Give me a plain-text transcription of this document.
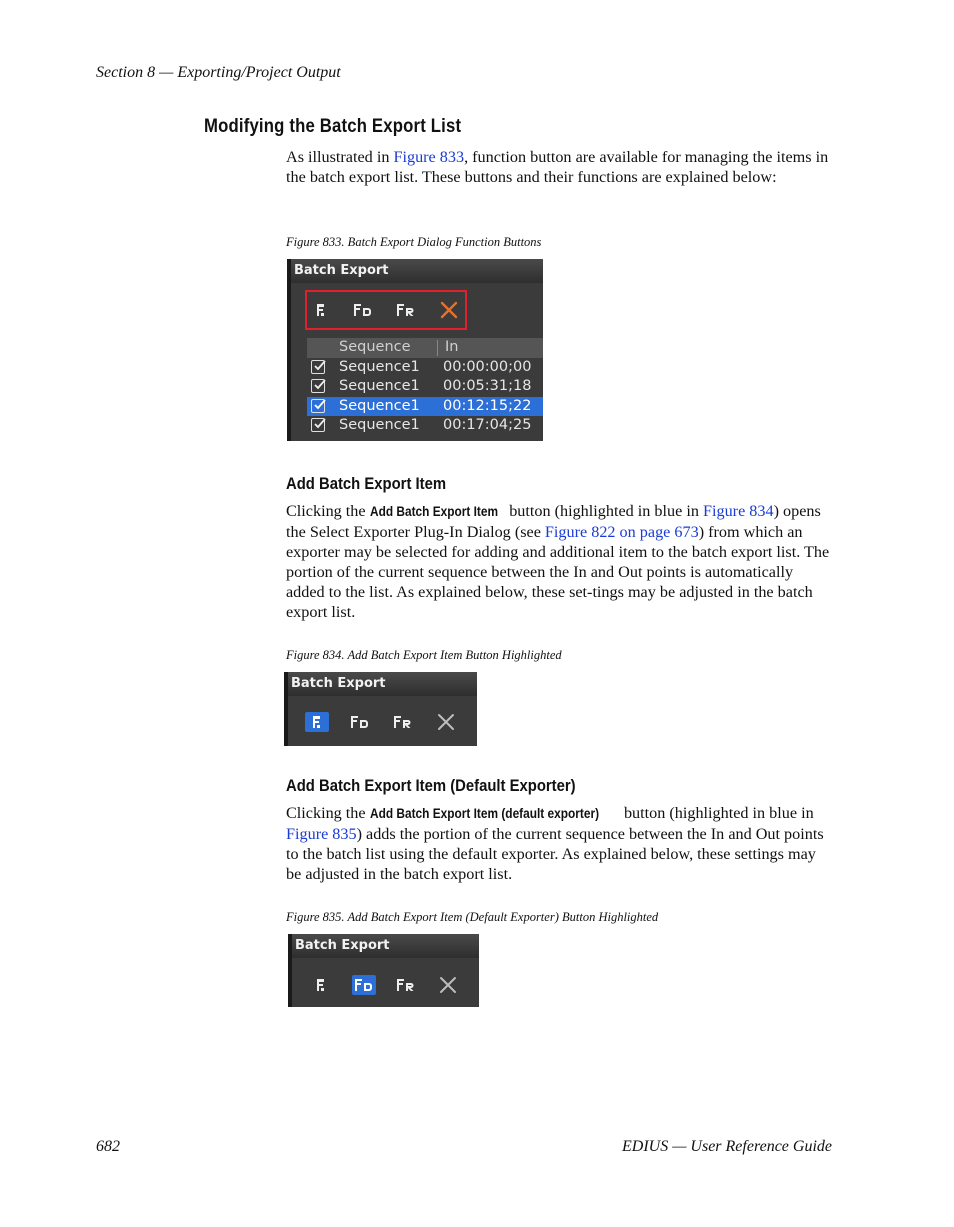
Section 8 — Exporting/Project Output
Modifying the Batch Export List
As illustrated in Figure 833, function button are available for managing the items in the batch export list. These buttons and their functions are explained below:
Figure 833. Batch Export Dialog Function Buttons
Batch Export
Sequence In
Sequence1 00:00:00;00
Sequence1 00:05:31;18
Sequence1 00:12:15;22
Sequence1 00:17:04;25
Add Batch Export Item
Clicking the Add Batch Export Item button (highlighted in blue in Figure 834) opens the Select Exporter Plug-In Dialog (see Figure 822 on page 673) from which an exporter may be selected for adding and additional item to the batch export list. The portion of the current sequence between the In and Out points is automatically added to the list. As explained below, these set-tings may be adjusted in the batch export list.
Figure 834. Add Batch Export Item Button Highlighted
Batch Export
Add Batch Export Item (Default Exporter)
Clicking the Add Batch Export Item (default exporter) button (highlighted in blue in Figure 835) adds the portion of the current sequence between the In and Out points to the batch list using the default exporter. As explained below, these settings may be adjusted in the batch export list.
Figure 835. Add Batch Export Item (Default Exporter) Button Highlighted
Batch Export
682	EDIUS — User Reference Guide
